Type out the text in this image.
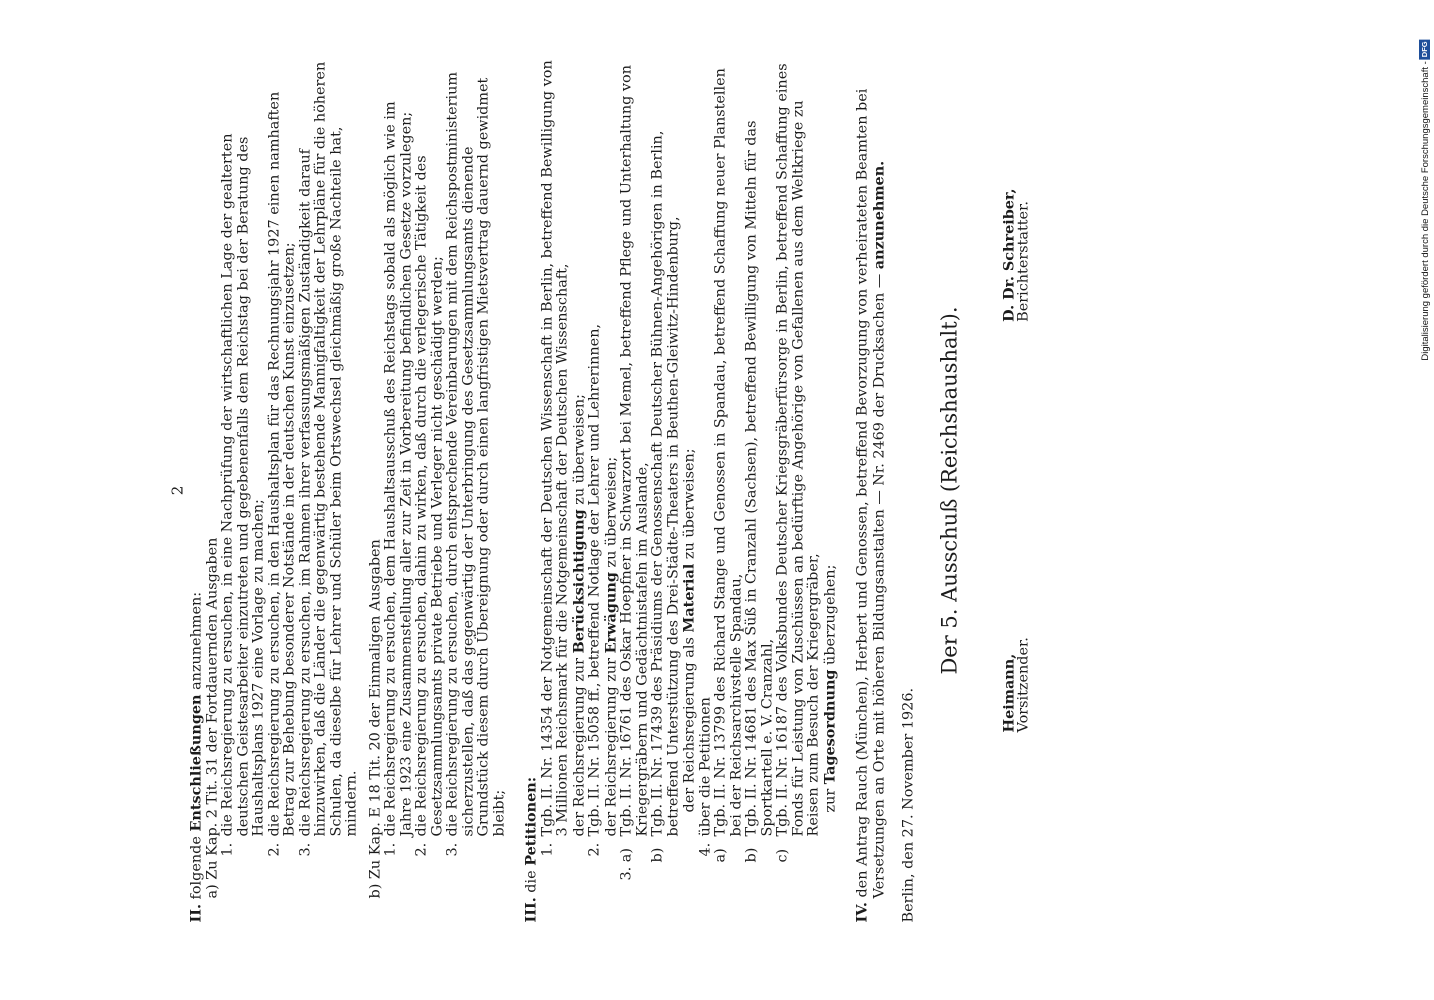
2

II. folgende Entschließungen anzunehmen: a) Zu Kap. 2 Tit. 31 der Fortdauernden Ausgaben 1.
die Reichsregierung zu ersuchen, in eine Nachprüfung der wirtschaftlichen Lage der gealterten deutschen Geistesarbeiter einzutreten und gegebenenfalls dem Reichstag bei der Beratung des Haushaltsplans 1927 eine Vorlage zu machen;

2.
die Reichsregierung zu ersuchen, in den Haushaltsplan für das Rechnungsjahr 1927 einen namhaften Betrag zur Behebung besonderer Notstände in der deutschen Kunst einzusetzen;

3.
die Reichsregierung zu ersuchen, im Rahmen ihrer verfassungsmäßigen Zuständigkeit darauf hinzuwirken, daß die Länder die gegenwärtig bestehende Mannigfaltigkeit der Lehrpläne für die höheren Schulen, da dieselbe für Lehrer und Schüler beim Ortswechsel gleichmäßig große Nachteile hat, mindern. b) Zu Kap. E 18 Tit. 20 der Einmaligen Ausgaben 1.
die Reichsregierung zu ersuchen, dem Haushaltsausschuß des Reichstags sobald als möglich wie im Jahre 1923 eine Zusammenstellung aller zur Zeit in Vorbereitung befindlichen Gesetze vorzulegen;

2.
die Reichsregierung zu ersuchen, dahin zu wirken, daß durch die verlegerische Tätigkeit des Gesetzsammlungsamts private Betriebe und Verleger nicht geschädigt werden;

3.
die Reichsregierung zu ersuchen, durch entsprechende Vereinbarungen mit dem Reichspostministerium sicherzustellen, daß das gegenwärtig der Unterbringung des Gesetzsammlungsamts dienende Grundstück diesem durch Übereignung oder durch einen langfristigen Mietsvertrag dauernd gewidmet bleibt;

III. die Petitionen: 1.
Tgb. II. Nr. 14354 der Notgemeinschaft der Deutschen Wissenschaft in Berlin, betreffend Bewilligung von 3 Millionen Reichsmark für die Notgemeinschaft der Deutschen Wissenschaft, der Reichsregierung zur Berücksichtigung zu überweisen;

2.
Tgb. II. Nr. 15058 ff., betreffend Notlage der Lehrer und Lehrerinnen, der Reichsregierung zur Erwägung zu überweisen;

3. a)
Tgb. II. Nr. 16761 des Oskar Hoepfner in Schwarzort bei Memel, betreffend Pflege und Unterhaltung von Kriegergräbern und Gedächtnistafeln im Auslande,

b)
Tgb. II. Nr. 17439 des Präsidiums der Genossenschaft Deutscher Bühnen-Angehörigen in Berlin, betreffend Unterstützung des Drei-Städte-Theaters in Beuthen-Gleiwitz-Hindenburg, der Reichsregierung als Material zu überweisen;

4.
über die Petitionen

a)
Tgb. II. Nr. 13799 des Richard Stange und Genossen in Spandau, betreffend Schaffung neuer Planstellen bei der Reichsarchivstelle Spandau,

b)
Tgb. II. Nr. 14681 des Max Süß in Cranzahl (Sachsen), betreffend Bewilligung von Mitteln für das Sportkartell e. V. Cranzahl,

c)
Tgb. II. Nr. 16187 des Volksbundes Deutscher Kriegsgräberfürsorge in Berlin, betreffend Schaffung eines Fonds für Leistung von Zuschüssen an bedürftige Angehörige von Gefallenen aus dem Weltkriege zu Reisen zum Besuch der Kriegergräber, zur Tagesordnung überzugehen;

IV. den Antrag Rauch (München), Herbert und Genossen, betreffend Bevorzugung von verheirateten Beamten bei Versetzungen an Orte mit höheren Bildungsanstalten — Nr. 2469 der Drucksachen — anzunehmen.

Berlin, den 27. November 1926.

Der 5. Ausschuß (Reichshaushalt).
Heimann,
Vorsitzender.
D. Dr. Schreiber,
Berichterstatter.	Digitalisierung gefördert durch die Deutsche Forschungsgemeinschaft -DFG
